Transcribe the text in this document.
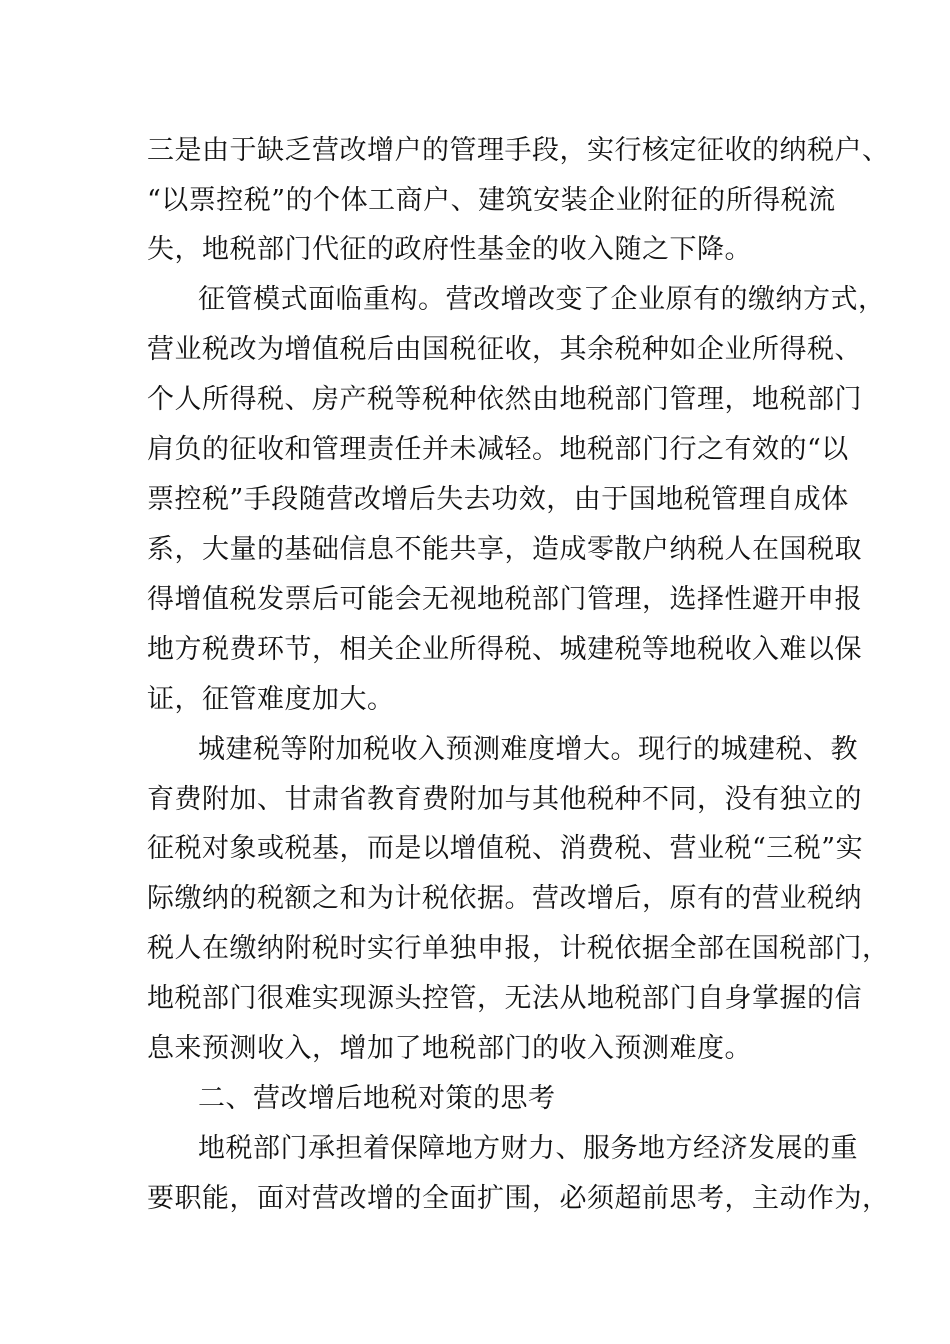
三是由于缺乏营改增户的管理手段，实行核定征收的纳税户、
“以票控税”的个体工商户、建筑安装企业附征的所得税流
失，地税部门代征的政府性基金的收入随之下降。
征管模式面临重构。营改增改变了企业原有的缴纳方式，
营业税改为增值税后由国税征收，其余税种如企业所得税、
个人所得税、房产税等税种依然由地税部门管理，地税部门
肩负的征收和管理责任并未减轻。地税部门行之有效的“以
票控税”手段随营改增后失去功效，由于国地税管理自成体
系，大量的基础信息不能共享，造成零散户纳税人在国税取
得增值税发票后可能会无视地税部门管理，选择性避开申报
地方税费环节，相关企业所得税、城建税等地税收入难以保
证，征管难度加大。
城建税等附加税收入预测难度增大。现行的城建税、教
育费附加、甘肃省教育费附加与其他税种不同，没有独立的
征税对象或税基，而是以增值税、消费税、营业税“三税”实
际缴纳的税额之和为计税依据。营改增后，原有的营业税纳
税人在缴纳附税时实行单独申报，计税依据全部在国税部门，
地税部门很难实现源头控管，无法从地税部门自身掌握的信
息来预测收入，增加了地税部门的收入预测难度。
二、营改增后地税对策的思考
地税部门承担着保障地方财力、服务地方经济发展的重
要职能，面对营改增的全面扩围，必须超前思考，主动作为，
